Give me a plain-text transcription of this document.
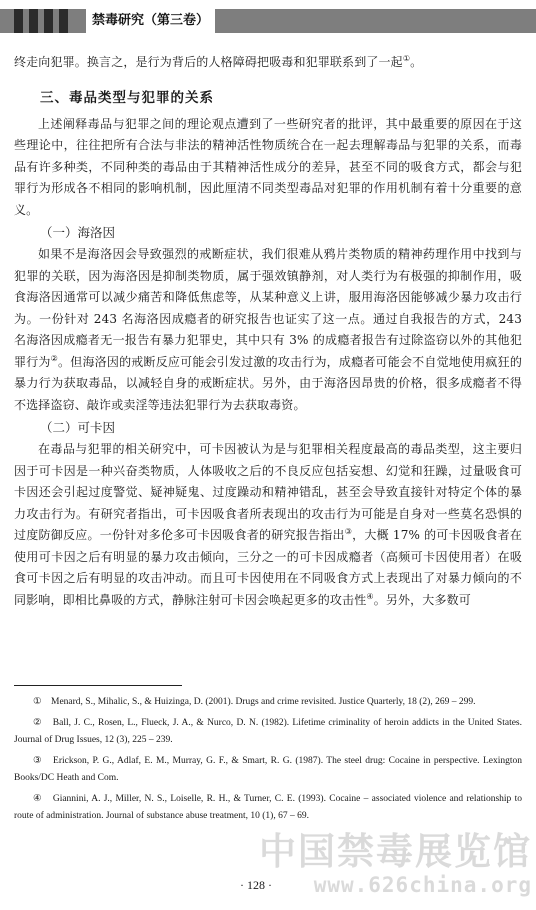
禁毒研究（第三卷）

终走向犯罪。换言之，是行为背后的人格障碍把吸毒和犯罪联系到了一起①。

三、毒品类型与犯罪的关系

上述阐释毒品与犯罪之间的理论观点遭到了一些研究者的批评，其中最重要的原因在于这些理论中，往往把所有合法与非法的精神活性物质统合在一起去理解毒品与犯罪的关系，而毒品有许多种类，不同种类的毒品由于其精神活性成分的差异，甚至不同的吸食方式，都会与犯罪行为形成各不相同的影响机制，因此厘清不同类型毒品对犯罪的作用机制有着十分重要的意义。

（一）海洛因

如果不是海洛因会导致强烈的戒断症状，我们很难从鸦片类物质的精神药理作用中找到与犯罪的关联，因为海洛因是抑制类物质，属于强效镇静剂，对人类行为有极强的抑制作用，吸食海洛因通常可以减少痛苦和降低焦虑等，从某种意义上讲，服用海洛因能够减少暴力攻击行为。一份针对 243 名海洛因成瘾者的研究报告也证实了这一点。通过自我报告的方式，243 名海洛因成瘾者无一报告有暴力犯罪史，其中只有 3% 的成瘾者报告有过除盗窃以外的其他犯罪行为②。但海洛因的戒断反应可能会引发过激的攻击行为，成瘾者可能会不自觉地使用疯狂的暴力行为获取毒品，以减轻自身的戒断症状。另外，由于海洛因昂贵的价格，很多成瘾者不得不选择盗窃、敲诈或卖淫等违法犯罪行为去获取毒资。

（二）可卡因

在毒品与犯罪的相关研究中，可卡因被认为是与犯罪相关程度最高的毒品类型，这主要归因于可卡因是一种兴奋类物质，人体吸收之后的不良反应包括妄想、幻觉和狂躁，过量吸食可卡因还会引起过度警觉、疑神疑鬼、过度躁动和精神错乱，甚至会导致直接针对特定个体的暴力攻击行为。有研究者指出，可卡因吸食者所表现出的攻击行为可能是自身对一些莫名恐惧的过度防御反应。一份针对多伦多可卡因吸食者的研究报告指出③，大概 17% 的可卡因吸食者在使用可卡因之后有明显的暴力攻击倾向，三分之一的可卡因成瘾者（高频可卡因使用者）在吸食可卡因之后有明显的攻击冲动。而且可卡因使用在不同吸食方式上表现出了对暴力倾向的不同影响，即相比鼻吸的方式，静脉注射可卡因会唤起更多的攻击性④。另外，大多数可

①　Menard, S., Mihalic, S., & Huizinga, D. (2001). Drugs and crime revisited. Justice Quarterly, 18 (2), 269 – 299.
②　Ball, J. C., Rosen, L., Flueck, J. A., & Nurco, D. N. (1982). Lifetime criminality of heroin addicts in the United States. Journal of Drug Issues, 12 (3), 225 – 239.
③　Erickson, P. G., Adlaf, E. M., Murray, G. F., & Smart, R. G. (1987). The steel drug: Cocaine in perspective. Lexington Books/DC Heath and Com.
④　Giannini, A. J., Miller, N. S., Loiselle, R. H., & Turner, C. E. (1993). Cocaine – associated violence and relationship to route of administration. Journal of substance abuse treatment, 10 (1), 67 – 69.
· 128 ·
中国禁毒展览馆
www.626china.org
